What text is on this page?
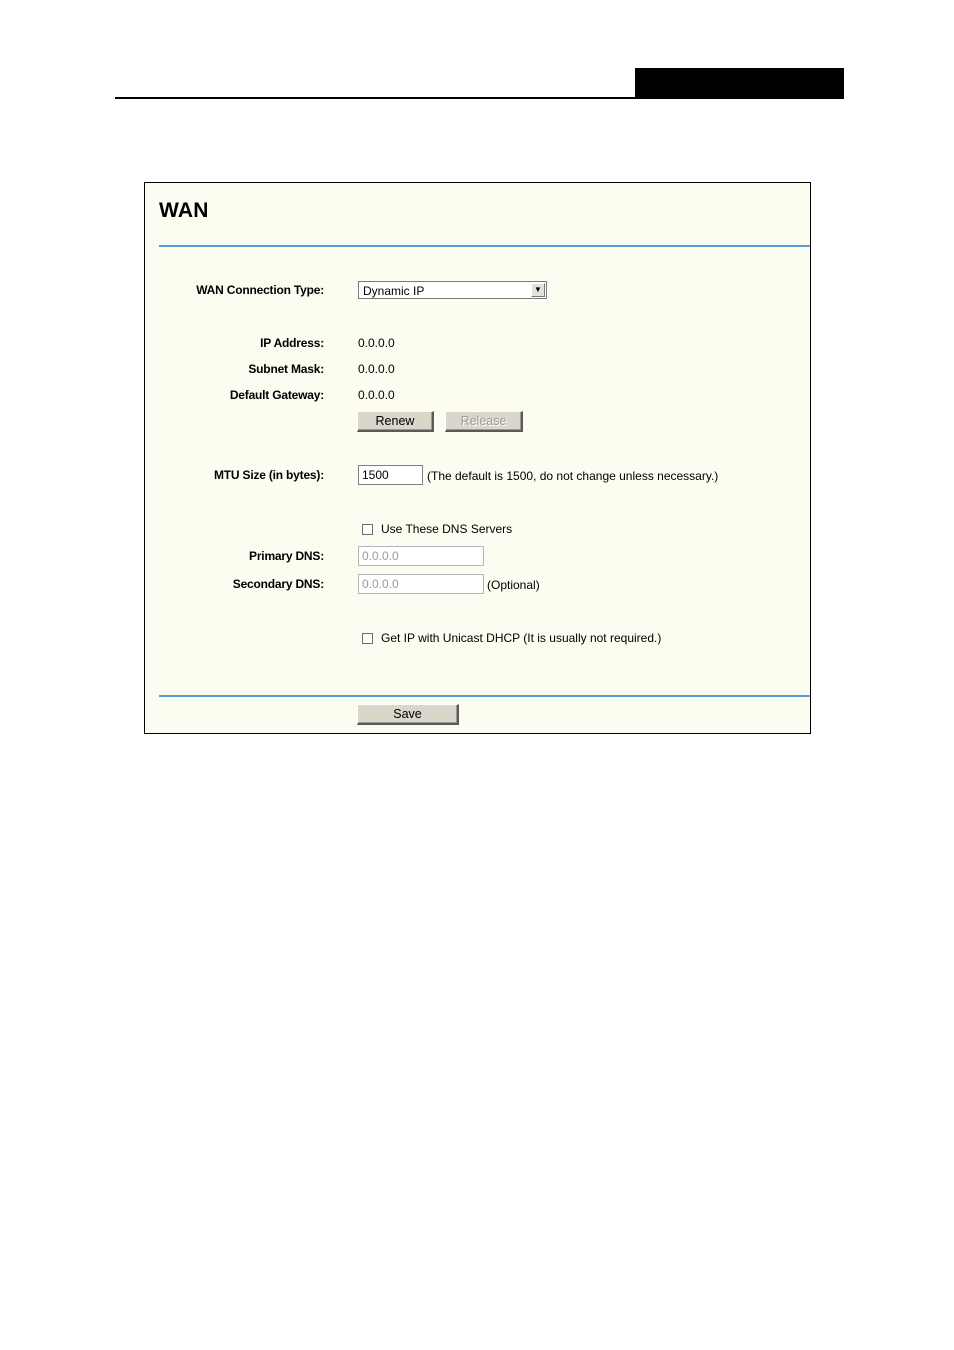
WAN
WAN Connection Type:	Dynamic IP	▼
IP Address:	0.0.0.0
Subnet Mask:	0.0.0.0
Default Gateway:	0.0.0.0
Renew	Release
MTU Size (in bytes):	1500	(The default is 1500, do not change unless necessary.)
Use These DNS Servers
Primary DNS:	0.0.0.0
Secondary DNS:	0.0.0.0	(Optional)
Get IP with Unicast DHCP (It is usually not required.)
Save
